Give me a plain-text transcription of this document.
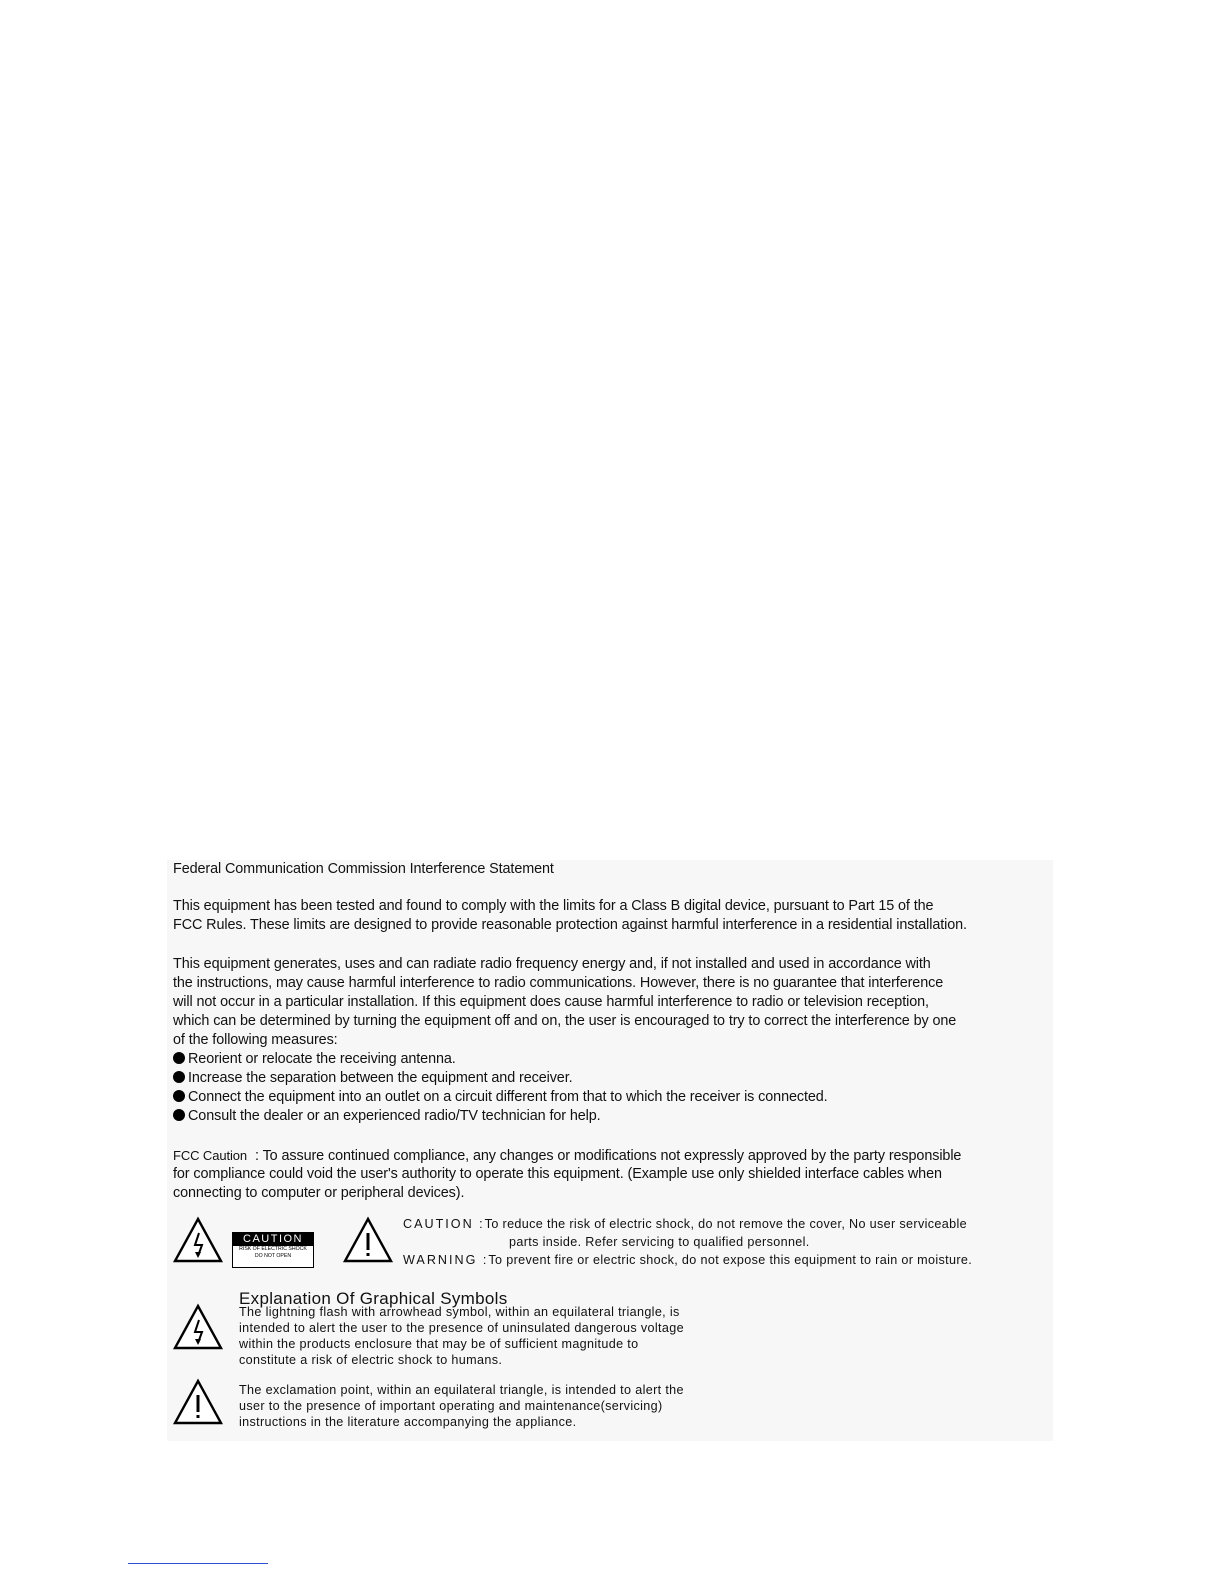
Federal Communication Commission Interference Statement
This equipment has been tested and found to comply with the limits for a Class B digital device, pursuant to Part 15 of the
FCC Rules. These limits are designed to provide reasonable protection against harmful interference in a residential installation.
This equipment generates, uses and can radiate radio frequency energy and, if not installed and used in accordance with
the instructions, may cause harmful interference to radio communications. However, there is no guarantee that interference
will not occur in a particular installation. If this equipment does cause harmful interference to radio or television reception,
which can be determined by turning the equipment off and on, the user is encouraged to try to correct the interference by one
of the following measures:
Reorient or relocate the receiving antenna.
Increase the separation between the equipment and receiver.
Connect the equipment into an outlet on a circuit different from that to which the receiver is connected.
Consult the dealer or an experienced radio/TV technician for help.
FCC Caution : To assure continued compliance, any changes or modifications not expressly approved by the party responsible
for compliance could void the user's authority to operate this equipment. (Example use only shielded interface cables when
connecting to computer or peripheral devices).
CAUTION
RISK OF ELECTRIC SHOCK
DO NOT OPEN
CAUTION :To reduce the risk of electric shock, do not remove the cover, No user serviceable
parts inside. Refer servicing to qualified personnel.
WARNING :To prevent fire or electric shock, do not expose this equipment to rain or moisture.
Explanation Of Graphical Symbols
The lightning flash with arrowhead symbol, within an equilateral triangle, is
intended to alert the user to the presence of uninsulated dangerous voltage
within the products enclosure that may be of sufficient magnitude to
constitute a risk of electric shock to humans.
The exclamation point, within an equilateral triangle, is intended to alert the
user to the presence of important operating and maintenance(servicing)
instructions in the literature accompanying the appliance.
